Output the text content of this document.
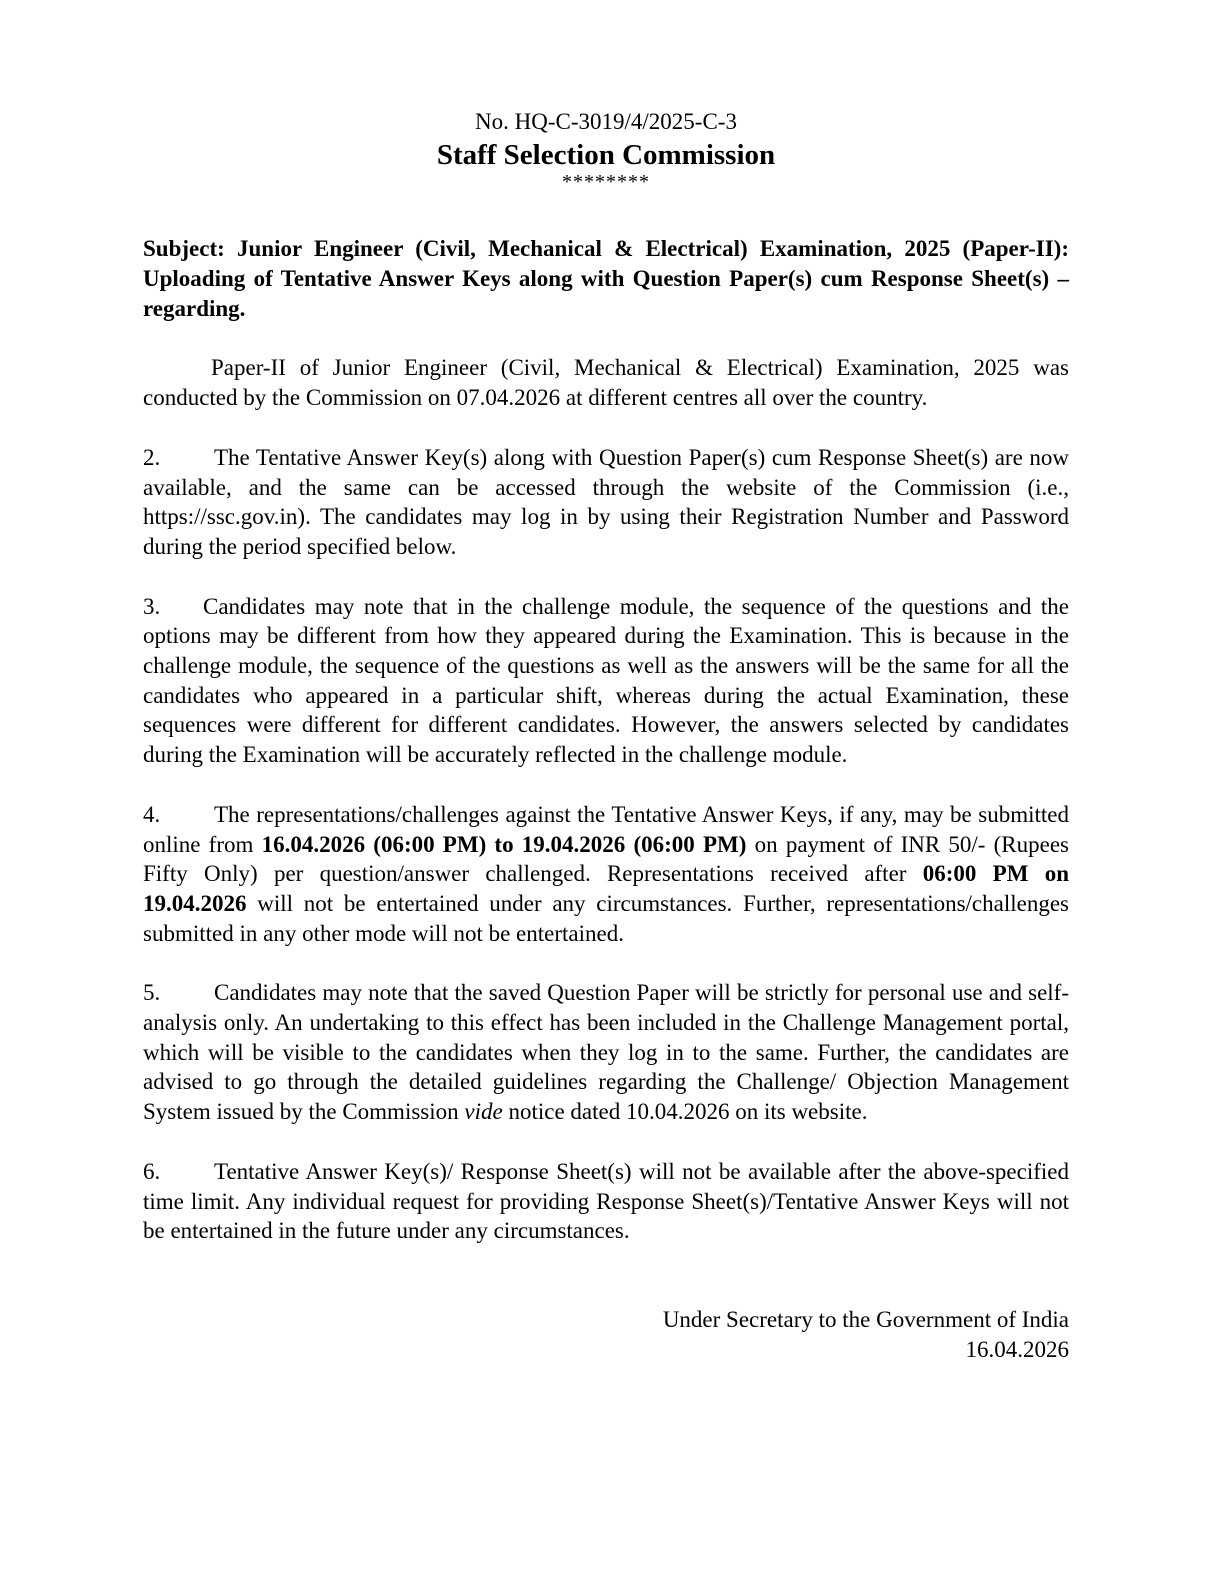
No. HQ-C-3019/4/2025-C-3
Staff Selection Commission
********
Subject: Junior Engineer (Civil, Mechanical & Electrical) Examination, 2025 (Paper-II): Uploading of Tentative Answer Keys along with Question Paper(s) cum Response Sheet(s) – regarding.
Paper-II of Junior Engineer (Civil, Mechanical & Electrical) Examination, 2025 was conducted by the Commission on 07.04.2026 at different centres all over the country.
2. The Tentative Answer Key(s) along with Question Paper(s) cum Response Sheet(s) are now available, and the same can be accessed through the website of the Commission (i.e., https://ssc.gov.in). The candidates may log in by using their Registration Number and Password during the period specified below.
3. Candidates may note that in the challenge module, the sequence of the questions and the options may be different from how they appeared during the Examination. This is because in the challenge module, the sequence of the questions as well as the answers will be the same for all the candidates who appeared in a particular shift, whereas during the actual Examination, these sequences were different for different candidates. However, the answers selected by candidates during the Examination will be accurately reflected in the challenge module.
4. The representations/challenges against the Tentative Answer Keys, if any, may be submitted online from 16.04.2026 (06:00 PM) to 19.04.2026 (06:00 PM) on payment of INR 50/- (Rupees Fifty Only) per question/answer challenged. Representations received after 06:00 PM on 19.04.2026 will not be entertained under any circumstances. Further, representations/challenges submitted in any other mode will not be entertained.
5. Candidates may note that the saved Question Paper will be strictly for personal use and self-analysis only. An undertaking to this effect has been included in the Challenge Management portal, which will be visible to the candidates when they log in to the same. Further, the candidates are advised to go through the detailed guidelines regarding the Challenge/ Objection Management System issued by the Commission vide notice dated 10.04.2026 on its website.
6. Tentative Answer Key(s)/ Response Sheet(s) will not be available after the above-specified time limit. Any individual request for providing Response Sheet(s)/Tentative Answer Keys will not be entertained in the future under any circumstances.
Under Secretary to the Government of India
16.04.2026
